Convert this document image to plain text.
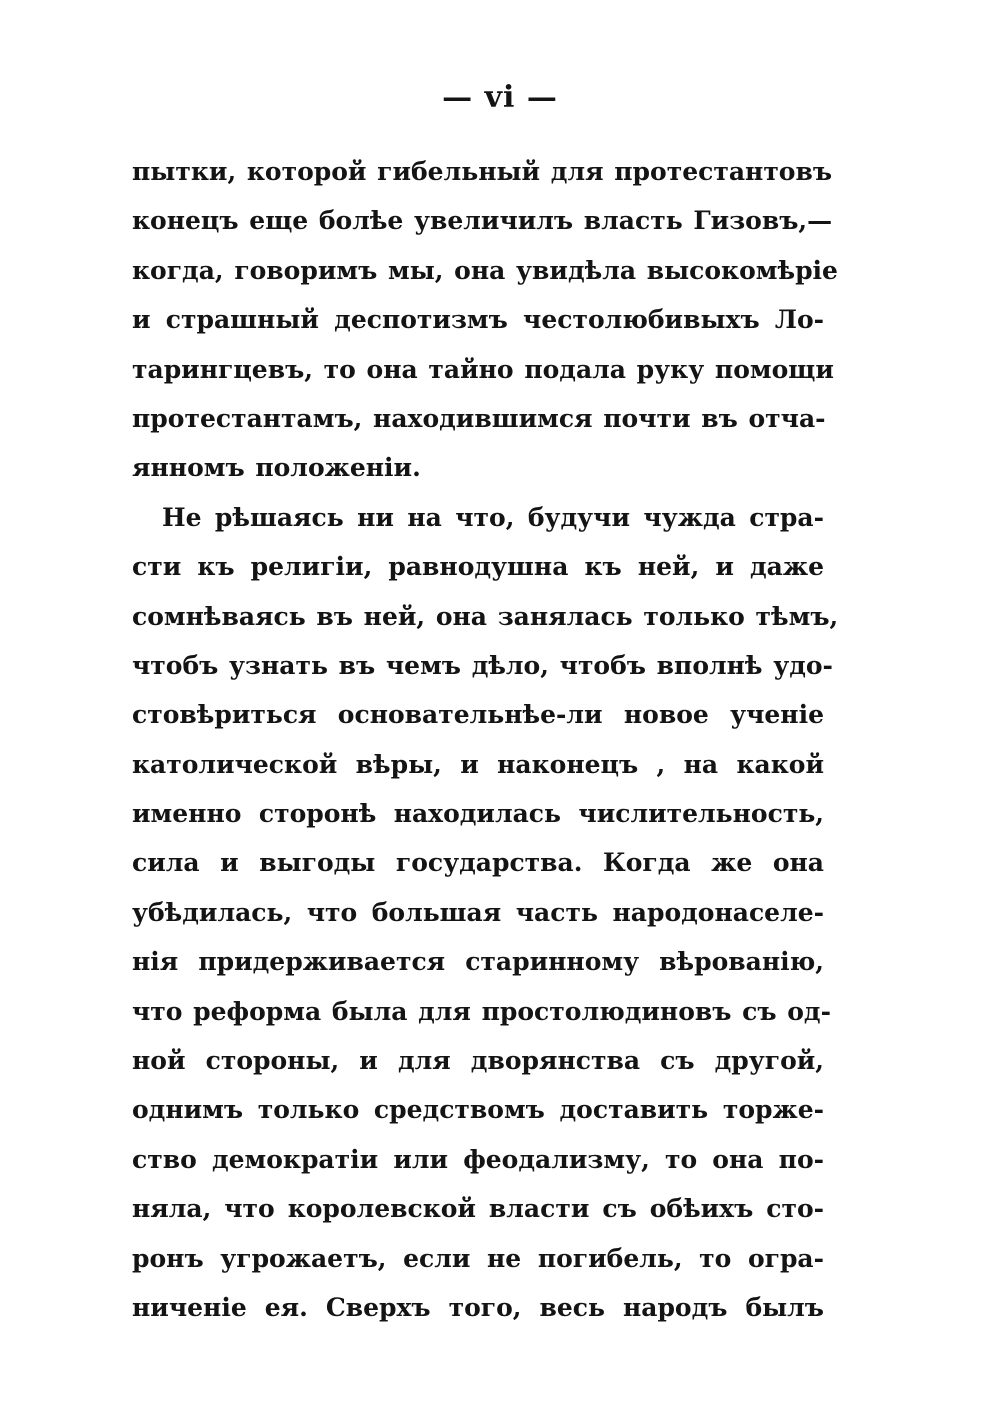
— vi —
пытки, которой гибельный для протестантовъ
конецъ еще болѣе увеличилъ власть Гизовъ,—
когда, говоримъ мы, она увидѣла высокомѣріе
и страшный деспотизмъ честолюбивыхъ Ло-
тарингцевъ, то она тайно подала руку помощи
протестантамъ, находившимся почти въ отча-
янномъ положеніи.
Не рѣшаясь ни на что, будучи чужда стра-
сти къ религіи, равнодушна къ ней, и даже
сомнѣваясь въ ней, она занялась только тѣмъ,
чтобъ узнать въ чемъ дѣло, чтобъ вполнѣ удо-
стовѣриться основательнѣе-ли новое ученіе
католической вѣры, и наконецъ , на какой
именно сторонѣ находилась числительность,
сила и выгоды государства. Когда же она
убѣдилась, что большая часть народонаселе-
нія придерживается старинному вѣрованію,
что реформа была для простолюдиновъ съ од-
ной стороны, и для дворянства съ другой,
однимъ только средствомъ доставить торже-
ство демократіи или феодализму, то она по-
няла, что королевской власти съ обѣихъ сто-
ронъ угрожаетъ, если не погибель, то огра-
ниченіе ея. Сверхъ того, весь народъ былъ
